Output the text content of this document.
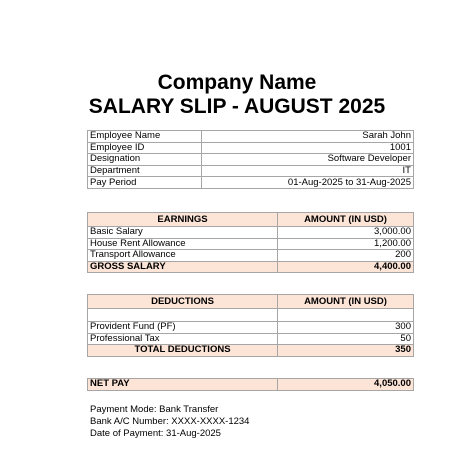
Company Name
SALARY SLIP - AUGUST 2025
Employee Name	Sarah John
Employee ID	1001
Designation	Software Developer
Department	IT
Pay Period	01-Aug-2025 to 31-Aug-2025
EARNINGS	AMOUNT (IN USD)
Basic Salary	3,000.00
House Rent Allowance	1,200.00
Transport Allowance	200
GROSS SALARY	4,400.00
DEDUCTIONS	AMOUNT (IN USD)

Provident Fund (PF)	300
Professional Tax	50
TOTAL DEDUCTIONS	350
NET PAY	4,050.00
Payment Mode: Bank Transfer
Bank A/C Number: XXXX-XXXX-1234
Date of Payment: 31-Aug-2025
